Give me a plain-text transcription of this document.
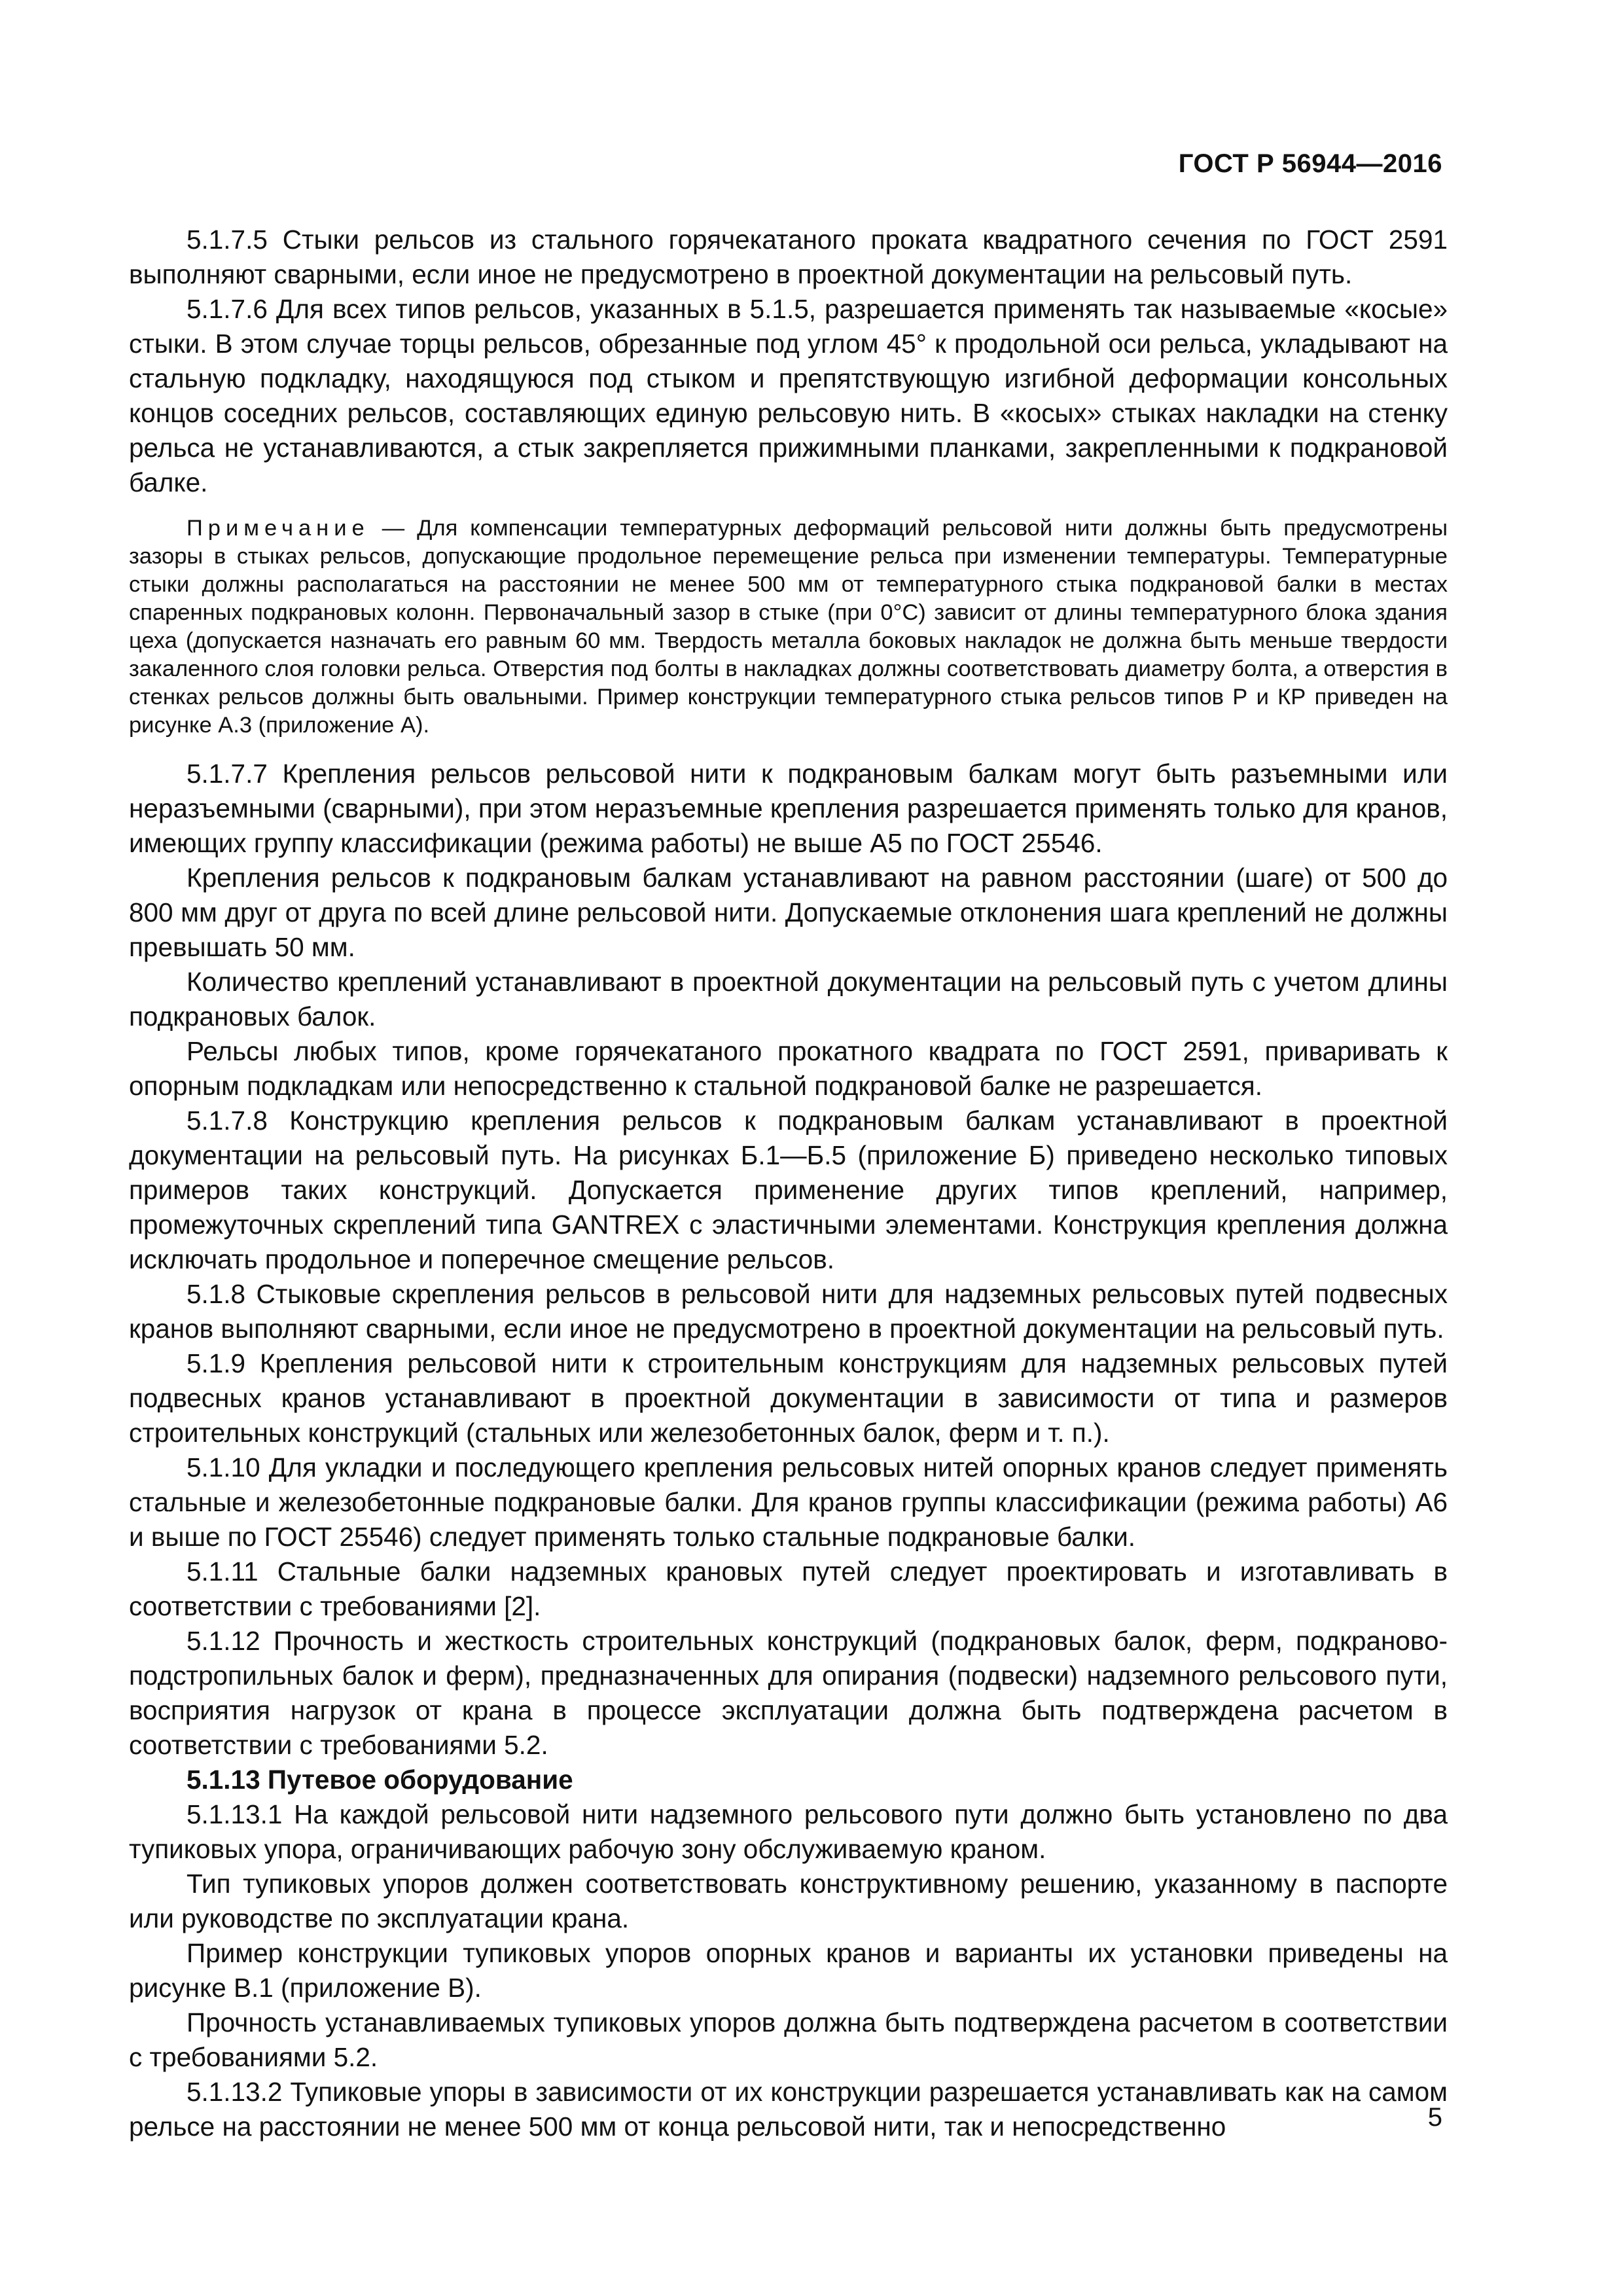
ГОСТ Р 56944—2016

5.1.7.5 Стыки рельсов из стального горячекатаного проката квадратного сечения по ГОСТ 2591 выполняют сварными, если иное не предусмотрено в проектной документации на рельсовый путь.

5.1.7.6 Для всех типов рельсов, указанных в 5.1.5, разрешается применять так называемые «косые» стыки. В этом случае торцы рельсов, обрезанные под углом 45° к продольной оси рельса, укладывают на стальную подкладку, находящуюся под стыком и препятствующую изгибной деформации консольных концов соседних рельсов, составляющих единую рельсовую нить. В «косых» стыках накладки на стенку рельса не устанавливаются, а стык закрепляется прижимными планками, закрепленными к подкрановой балке.

Примечание — Для компенсации температурных деформаций рельсовой нити должны быть предусмотрены зазоры в стыках рельсов, допускающие продольное перемещение рельса при изменении температуры. Температурные стыки должны располагаться на расстоянии не менее 500 мм от температурного стыка подкрановой балки в местах спаренных подкрановых колонн. Первоначальный зазор в стыке (при 0°С) зависит от длины температурного блока здания цеха (допускается назначать его равным 60 мм. Твердость металла боковых накладок не должна быть меньше твердости закаленного слоя головки рельса. Отверстия под болты в накладках должны соответствовать диаметру болта, а отверстия в стенках рельсов должны быть овальными. Пример конструкции температурного стыка рельсов типов Р и КР приведен на рисунке А.3 (приложение А).

5.1.7.7 Крепления рельсов рельсовой нити к подкрановым балкам могут быть разъемными или неразъемными (сварными), при этом неразъемные крепления разрешается применять только для кранов, имеющих группу классификации (режима работы) не выше А5 по ГОСТ 25546.

Крепления рельсов к подкрановым балкам устанавливают на равном расстоянии (шаге) от 500 до 800 мм друг от друга по всей длине рельсовой нити. Допускаемые отклонения шага креплений не должны превышать 50 мм.

Количество креплений устанавливают в проектной документации на рельсовый путь с учетом длины подкрановых балок.

Рельсы любых типов, кроме горячекатаного прокатного квадрата по ГОСТ 2591, приваривать к опорным подкладкам или непосредственно к стальной подкрановой балке не разрешается.

5.1.7.8 Конструкцию крепления рельсов к подкрановым балкам устанавливают в проектной документации на рельсовый путь. На рисунках Б.1—Б.5 (приложение Б) приведено несколько типовых примеров таких конструкций. Допускается применение других типов креплений, например, промежуточных скреплений типа GANTREX с эластичными элементами. Конструкция крепления должна исключать продольное и поперечное смещение рельсов.

5.1.8 Стыковые скрепления рельсов в рельсовой нити для надземных рельсовых путей подвесных кранов выполняют сварными, если иное не предусмотрено в проектной документации на рельсовый путь.

5.1.9 Крепления рельсовой нити к строительным конструкциям для надземных рельсовых путей подвесных кранов устанавливают в проектной документации в зависимости от типа и размеров строительных конструкций (стальных или железобетонных балок, ферм и т. п.).

5.1.10 Для укладки и последующего крепления рельсовых нитей опорных кранов следует применять стальные и железобетонные подкрановые балки. Для кранов группы классификации (режима работы) А6 и выше по ГОСТ 25546) следует применять только стальные подкрановые балки.

5.1.11 Стальные балки надземных крановых путей следует проектировать и изготавливать в соответствии с требованиями [2].

5.1.12 Прочность и жесткость строительных конструкций (подкрановых балок, ферм, подкраново-подстропильных балок и ферм), предназначенных для опирания (подвески) надземного рельсового пути, восприятия нагрузок от крана в процессе эксплуатации должна быть подтверждена расчетом в соответствии с требованиями 5.2.

5.1.13 Путевое оборудование

5.1.13.1 На каждой рельсовой нити надземного рельсового пути должно быть установлено по два тупиковых упора, ограничивающих рабочую зону обслуживаемую краном.

Тип тупиковых упоров должен соответствовать конструктивному решению, указанному в паспорте или руководстве по эксплуатации крана.

Пример конструкции тупиковых упоров опорных кранов и варианты их установки приведены на рисунке В.1 (приложение В).

Прочность устанавливаемых тупиковых упоров должна быть подтверждена расчетом в соответствии с требованиями 5.2.

5.1.13.2 Тупиковые упоры в зависимости от их конструкции разрешается устанавливать как на самом рельсе на расстоянии не менее 500 мм от конца рельсовой нити, так и непосредственно	5
